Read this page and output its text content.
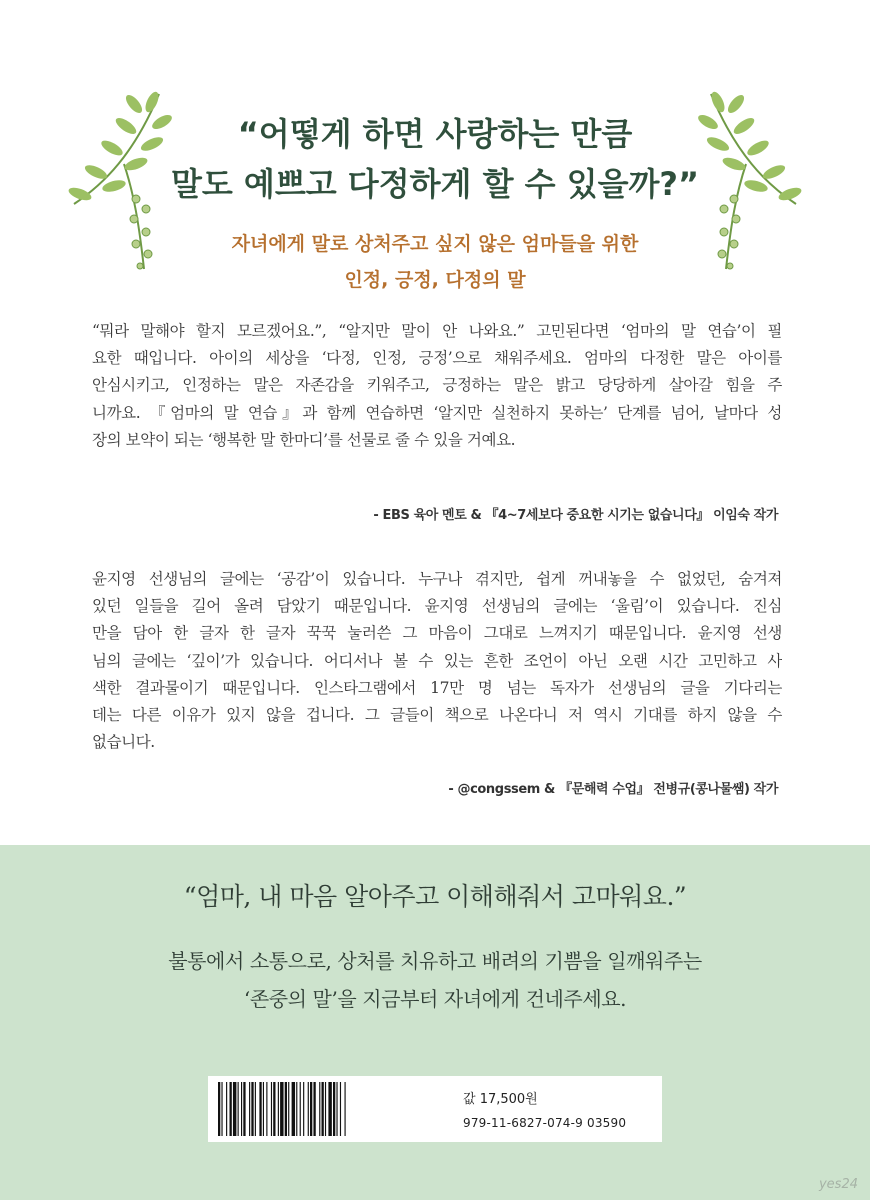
“어떻게 하면 사랑하는 만큼
말도 예쁘고 다정하게 할 수 있을까?”
자녀에게 말로 상처주고 싶지 않은 엄마들을 위한
인정, 긍정, 다정의 말
“뭐라 말해야 할지 모르겠어요.”, “알지만 말이 안 나와요.” 고민된다면 ‘엄마의 말 연습’이 필
요한 때입니다. 아이의 세상을 ‘다정, 인정, 긍정’으로 채워주세요. 엄마의 다정한 말은 아이를
안심시키고, 인정하는 말은 자존감을 키워주고, 긍정하는 말은 밝고 당당하게 살아갈 힘을 주
니까요. 『엄마의 말 연습』과 함께 연습하면 ‘알지만 실천하지 못하는’ 단계를 넘어, 날마다 성
장의 보약이 되는 ‘행복한 말 한마디’를 선물로 줄 수 있을 거예요.
- EBS 육아 멘토 & 『4~7세보다 중요한 시기는 없습니다』 이임숙 작가
윤지영 선생님의 글에는 ‘공감’이 있습니다. 누구나 겪지만, 쉽게 꺼내놓을 수 없었던, 숨겨져
있던 일들을 길어 올려 담았기 때문입니다. 윤지영 선생님의 글에는 ‘울림’이 있습니다. 진심
만을 담아 한 글자 한 글자 꾹꾹 눌러쓴 그 마음이 그대로 느껴지기 때문입니다. 윤지영 선생
님의 글에는 ‘깊이’가 있습니다. 어디서나 볼 수 있는 흔한 조언이 아닌 오랜 시간 고민하고 사
색한 결과물이기 때문입니다. 인스타그램에서 17만 명 넘는 독자가 선생님의 글을 기다리는
데는 다른 이유가 있지 않을 겁니다. 그 글들이 책으로 나온다니 저 역시 기대를 하지 않을 수
없습니다.
- @congssem & 『문해력 수업』 전병규(콩나물쌤) 작가
“엄마, 내 마음 알아주고 이해해줘서 고마워요.”
불통에서 소통으로, 상처를 치유하고 배려의 기쁨을 일깨워주는
‘존중의 말’을 지금부터 자녀에게 건네주세요.
값 17,500원
979-11-6827-074-9 03590
yes24
